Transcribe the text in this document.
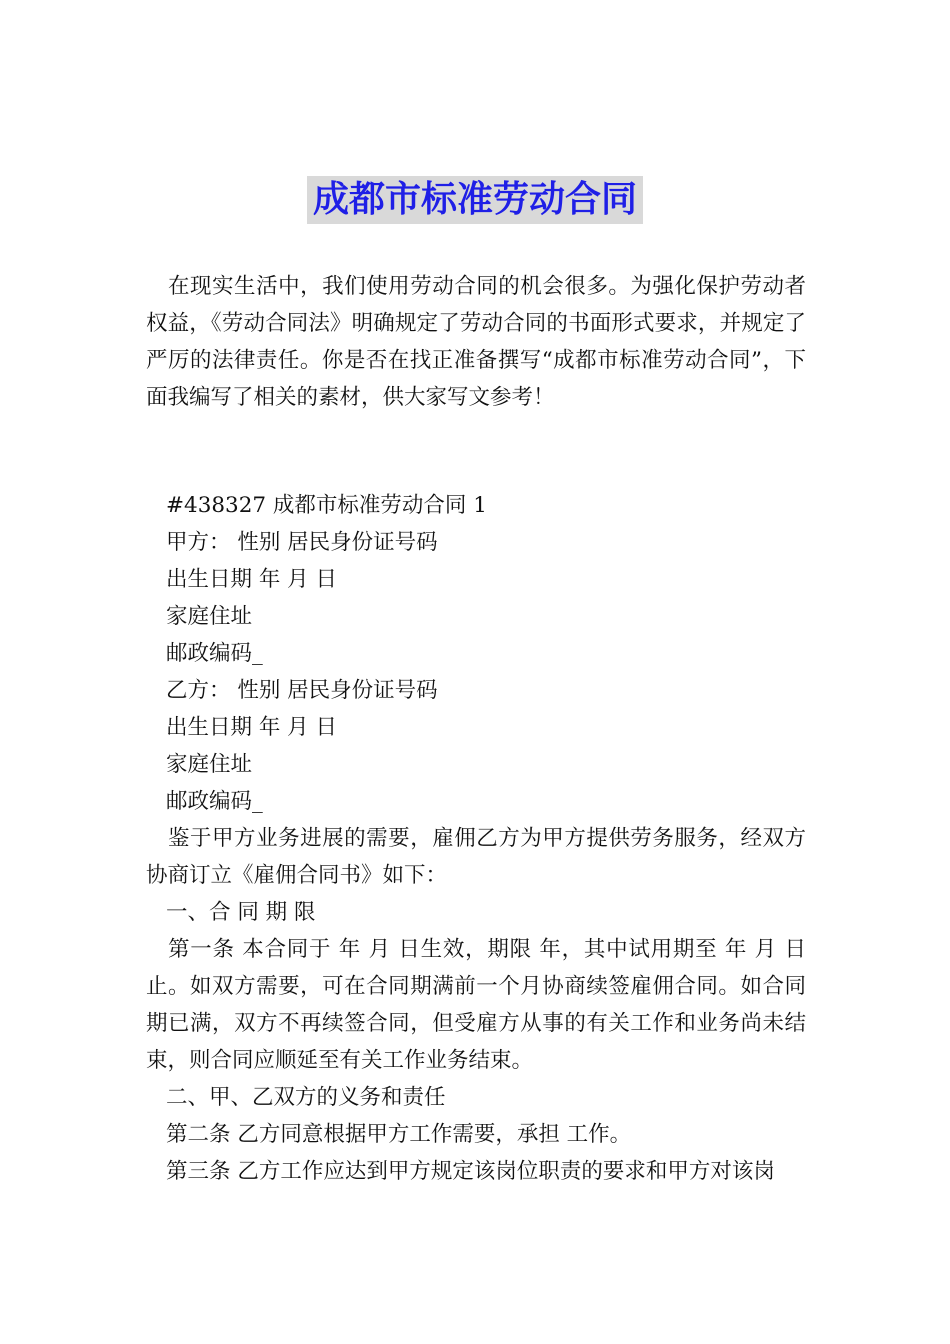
成都市标准劳动合同
在现实生活中，我们使用劳动合同的机会很多。为强化保护劳动者权益，《劳动合同法》明确规定了劳动合同的书面形式要求，并规定了严厉的法律责任。你是否在找正准备撰写“成都市标准劳动合同”，下面我编写了相关的素材，供大家写文参考！

#438327 成都市标准劳动合同 1

甲方： 性别 居民身份证号码

出生日期 年 月 日

家庭住址

邮政编码_

乙方： 性别 居民身份证号码

出生日期 年 月 日

家庭住址

邮政编码_

鉴于甲方业务进展的需要，雇佣乙方为甲方提供劳务服务，经双方协商订立《雇佣合同书》如下：

一、合 同 期 限

第一条 本合同于 年 月 日生效，期限 年，其中试用期至 年 月 日止。如双方需要，可在合同期满前一个月协商续签雇佣合同。如合同期已满，双方不再续签合同，但受雇方从事的有关工作和业务尚未结束，则合同应顺延至有关工作业务结束。

二、甲、乙双方的义务和责任

第二条 乙方同意根据甲方工作需要，承担 工作。

第三条 乙方工作应达到甲方规定该岗位职责的要求和甲方对该岗
